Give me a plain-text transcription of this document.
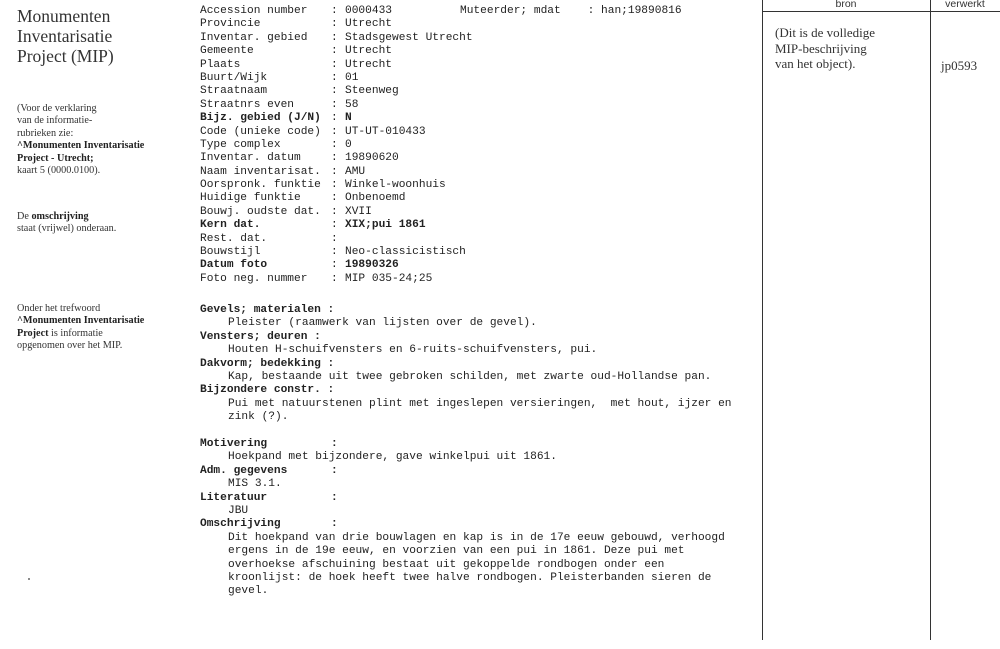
Monumenten
Inventarisatie
Project (MIP)
(Voor de verklaring
van de informatie-
rubrieken zie:
^Monumenten Inventarisatie
Project - Utrecht;
kaart 5 (0000.0100).
De omschrijving
staat (vrijwel) onderaan.
Onder het trefwoord
^Monumenten Inventarisatie
Project is informatie
opgenomen over het MIP.
Accession number : 0000433	Muteerder; mdat    : han;19890816
Provincie	: Utrecht
Inventar. gebied : Stadsgewest Utrecht
Gemeente	: Utrecht
Plaats	: Utrecht
Buurt/Wijk	: 01
Straatnaam	: Steenweg
Straatnrs even	: 58
Bijz. gebied (J/N) : N
Code (unieke code) : UT-UT-010433
Type complex	: 0
Inventar. datum	: 19890620
Naam inventarisat. : AMU
Oorspronk. funktie : Winkel-woonhuis
Huidige funktie	: Onbenoemd
Bouwj. oudste dat. : XVII
Kern dat.	: XIX;pui 1861
Rest. dat.	:
Bouwstijl	: Neo-classicistisch
Datum foto	: 19890326
Foto neg. nummer : MIP 035-24;25
Gevels; materialen :
Pleister (raamwerk van lijsten over de gevel).
Vensters; deuren :
Houten H-schuifvensters en 6-ruits-schuifvensters, pui.
Dakvorm; bedekking :
Kap, bestaande uit twee gebroken schilden, met zwarte oud-Hollandse pan.
Bijzondere constr. :
Pui met natuurstenen plint met ingeslepen versieringen,  met hout, ijzer en
zink (?).
Motivering	:
Hoekpand met bijzondere, gave winkelpui uit 1861.
Adm. gegevens	:
MIS 3.1.
Literatuur	:
JBU
Omschrijving	:
Dit hoekpand van drie bouwlagen en kap is in de 17e eeuw gebouwd, verhoogd
ergens in de 19e eeuw, en voorzien van een pui in 1861. Deze pui met
overhoekse afschuining bestaat uit gekoppelde rondbogen onder een
kroonlijst: de hoek heeft twee halve rondbogen. Pleisterbanden sieren de
gevel.
bron	verwerkt
(Dit is de volledige
MIP-beschrijving
van het object).	jp0593
